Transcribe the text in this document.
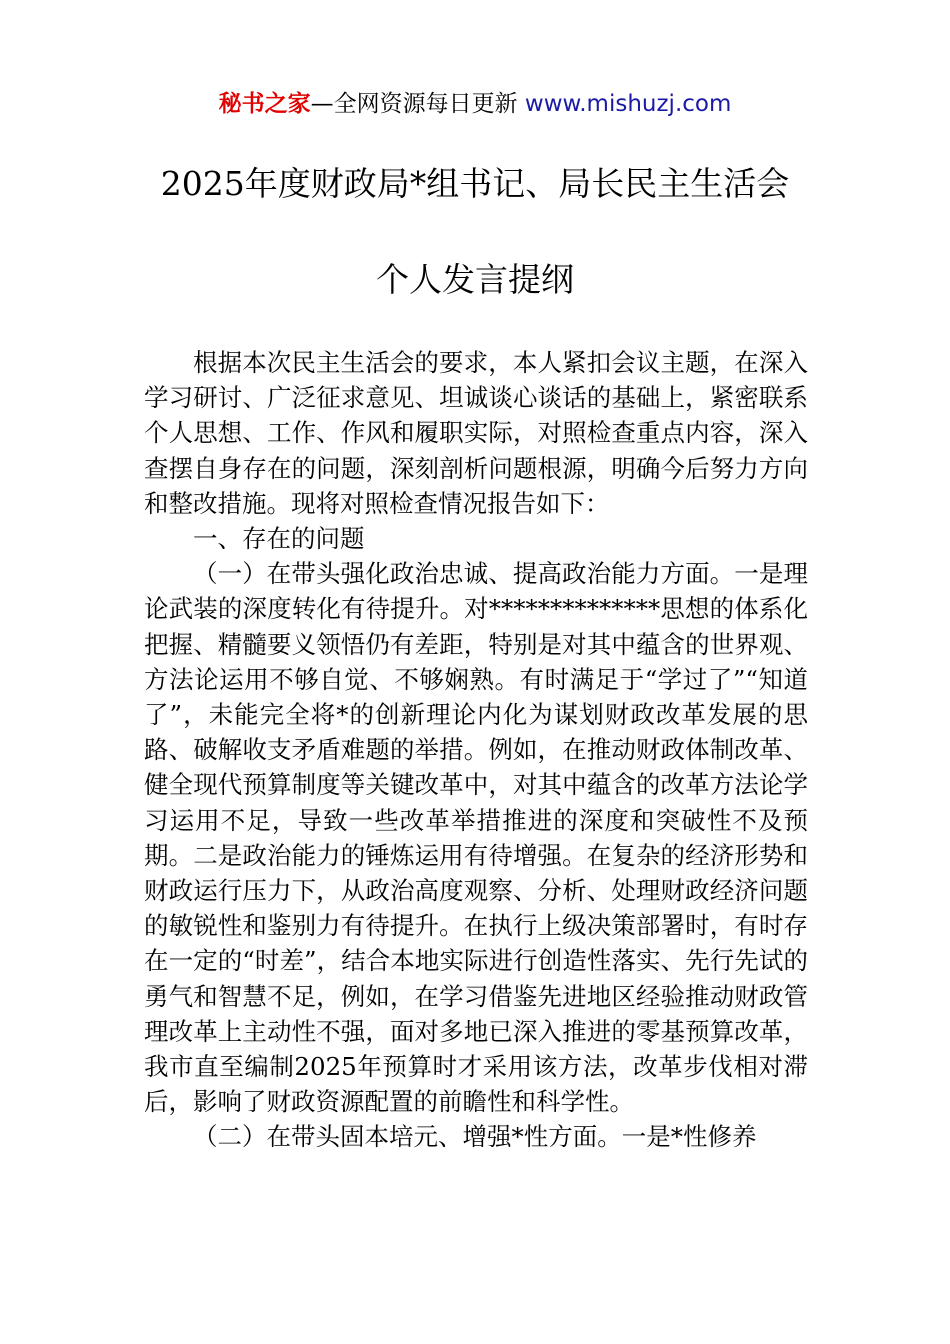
秘书之家—全网资源每日更新 www.mishuzj.com
2025年度财政局*组书记、局长民主生活会
个人发言提纲

根据本次民主生活会的要求，本人紧扣会议主题，在深入学习研讨、广泛征求意见、坦诚谈心谈话的基础上，紧密联系个人思想、工作、作风和履职实际，对照检查重点内容，深入查摆自身存在的问题，深刻剖析问题根源，明确今后努力方向和整改措施。现将对照检查情况报告如下：

一、存在的问题

（一）在带头强化政治忠诚、提高政治能力方面。一是理论武装的深度转化有待提升。对**************思想的体系化把握、精髓要义领悟仍有差距，特别是对其中蕴含的世界观、方法论运用不够自觉、不够娴熟。有时满足于“学过了”“知道了”，未能完全将*的创新理论内化为谋划财政改革发展的思路、破解收支矛盾难题的举措。例如，在推动财政体制改革、健全现代预算制度等关键改革中，对其中蕴含的改革方法论学习运用不足，导致一些改革举措推进的深度和突破性不及预期。二是政治能力的锤炼运用有待增强。在复杂的经济形势和财政运行压力下，从政治高度观察、分析、处理财政经济问题的敏锐性和鉴别力有待提升。在执行上级决策部署时，有时存在一定的“时差”，结合本地实际进行创造性落实、先行先试的勇气和智慧不足，例如，在学习借鉴先进地区经验推动财政管理改革上主动性不强，面对多地已深入推进的零基预算改革，我市直至编制2025年预算时才采用该方法，改革步伐相对滞后，影响了财政资源配置的前瞻性和科学性。

（二）在带头固本培元、增强*性方面。一是*性修养
